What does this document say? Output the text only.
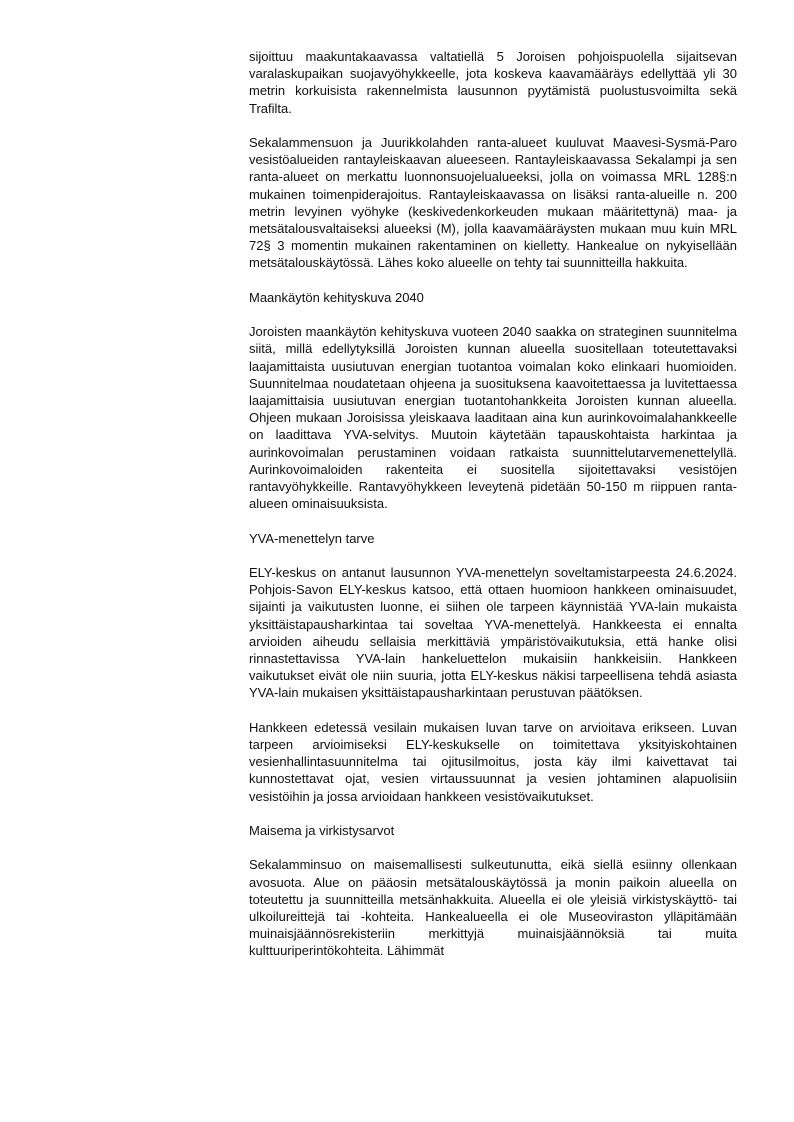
sijoittuu maakuntakaavassa valtatiellä 5 Joroisen pohjoispuolella sijaitsevan varalaskupaikan suojavyöhykkeelle, jota koskeva kaavamääräys edellyttää yli 30 metrin korkuisista rakennelmista lausunnon pyytämistä puolustusvoimilta sekä Trafilta.

Sekalammensuon ja Juurikkolahden ranta-alueet kuuluvat Maavesi-Sysmä-Paro vesistöalueiden rantayleiskaavan alueeseen. Rantayleiskaavassa Sekalampi ja sen ranta-alueet on merkattu luonnonsuojelualueeksi, jolla on voimassa MRL 128§:n mukainen toimenpiderajoitus. Rantayleiskaavassa on lisäksi ranta-alueille n. 200 metrin levyinen vyöhyke (keskivedenkorkeuden mukaan määritettynä) maa- ja metsätalousvaltaiseksi alueeksi (M), jolla kaavamääräysten mukaan muu kuin MRL 72§ 3 momentin mukainen rakentaminen on kielletty. Hankealue on nykyisellään metsätalouskäytössä. Lähes koko alueelle on tehty tai suunnitteilla hakkuita.

Maankäytön kehityskuva 2040

Joroisten maankäytön kehityskuva vuoteen 2040 saakka on strateginen suunnitelma siitä, millä edellytyksillä Joroisten kunnan alueella suositellaan toteutettavaksi laajamittaista uusiutuvan energian tuotantoa voimalan koko elinkaari huomioiden. Suunnitelmaa noudatetaan ohjeena ja suosituksena kaavoitettaessa ja luvitettaessa laajamittaisia uusiutuvan energian tuotantohankkeita Joroisten kunnan alueella. Ohjeen mukaan Joroisissa yleiskaava laaditaan aina kun aurinkovoimalahankkeelle on laadittava YVA-selvitys. Muutoin käytetään tapauskohtaista harkintaa ja aurinkovoimalan perustaminen voidaan ratkaista suunnittelutarvemenettelyllä. Aurinkovoimaloiden rakenteita ei suositella sijoitettavaksi vesistöjen rantavyöhykkeille. Rantavyöhykkeen leveytenä pidetään 50-150 m riippuen ranta-alueen ominaisuuksista.

YVA-menettelyn tarve

ELY-keskus on antanut lausunnon YVA-menettelyn soveltamistarpeesta 24.6.2024. Pohjois-Savon ELY-keskus katsoo, että ottaen huomioon hankkeen ominaisuudet, sijainti ja vaikutusten luonne, ei siihen ole tarpeen käynnistää YVA-lain mukaista yksittäistapausharkintaa tai soveltaa YVA-menettelyä. Hankkeesta ei ennalta arvioiden aiheudu sellaisia merkittäviä ympäristövaikutuksia, että hanke olisi rinnastettavissa YVA-lain hankeluettelon mukaisiin hankkeisiin. Hankkeen vaikutukset eivät ole niin suuria, jotta ELY-keskus näkisi tarpeellisena tehdä asiasta YVA-lain mukaisen yksittäistapausharkintaan perustuvan päätöksen.

Hankkeen edetessä vesilain mukaisen luvan tarve on arvioitava erikseen. Luvan tarpeen arvioimiseksi ELY-keskukselle on toimitettava yksityiskohtainen vesienhallintasuunnitelma tai ojitusilmoitus, josta käy ilmi kaivettavat tai kunnostettavat ojat, vesien virtaussuunnat ja vesien johtaminen alapuolisiin vesistöihin ja jossa arvioidaan hankkeen vesistövaikutukset.

Maisema ja virkistysarvot

Sekalamminsuo on maisemallisesti sulkeutunutta, eikä siellä esiinny ollenkaan avosuota. Alue on pääosin metsätalouskäytössä ja monin paikoin alueella on toteutettu ja suunnitteilla metsänhakkuita. Alueella ei ole yleisiä virkistyskäyttö- tai ulkoilureittejä tai -kohteita. Hankealueella ei ole Museoviraston ylläpitämään muinaisjäännösrekisteriin merkittyjä muinaisjäännöksiä tai muita kulttuuriperintökohteita. Lähimmät
